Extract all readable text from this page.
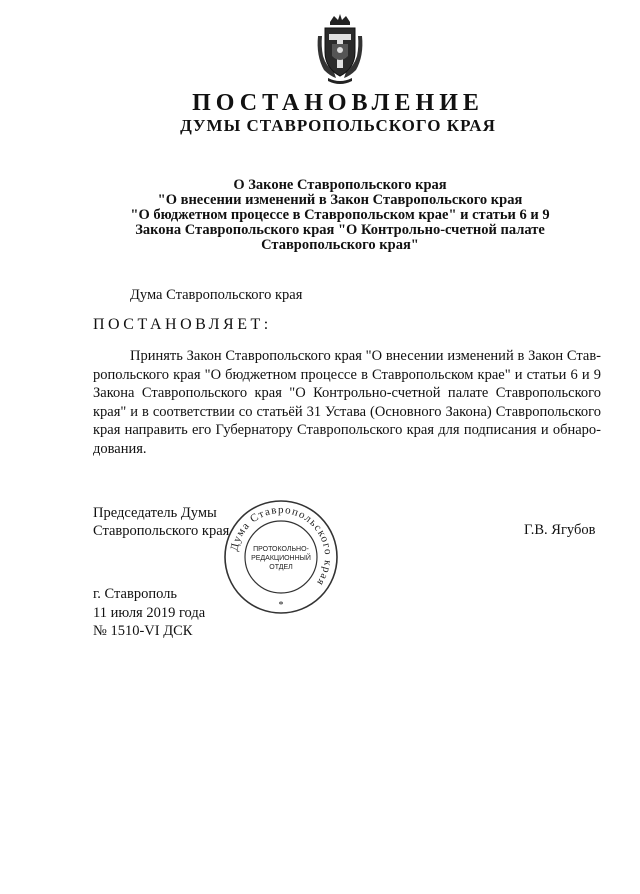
ПОСТАНОВЛЕНИЕ
ДУМЫ СТАВРОПОЛЬСКОГО КРАЯ
О Законе Ставропольского края
"О внесении изменений в Закон Ставропольского края
"О бюджетном процессе в Ставропольском крае" и статьи 6 и 9
Закона Ставропольского края "О Контрольно-счетной палате
Ставропольского края"
Дума Ставропольского края
ПОСТАНОВЛЯЕТ:
Принять Закон Ставропольского края "О внесении изменений в Закон Став-
ропольского края "О бюджетном процессе в Ставропольском крае" и статьи 6 и 9
Закона Ставропольского края "О Контрольно-счетной палате Ставропольского
края" и в соответствии со статьёй 31 Устава (Основного Закона) Ставропольского
края направить его Губернатору Ставропольского края для подписания и обнаро-
дования.
Председатель Думы
Ставропольского края	Г.В. Ягубов
Дума Ставропольского края
ПРОТОКОЛЬНО-
РЕДАКЦИОННЫЙ
ОТДЕЛ
*
г. Ставрополь
11 июля 2019 года
№ 1510-VI ДСК
